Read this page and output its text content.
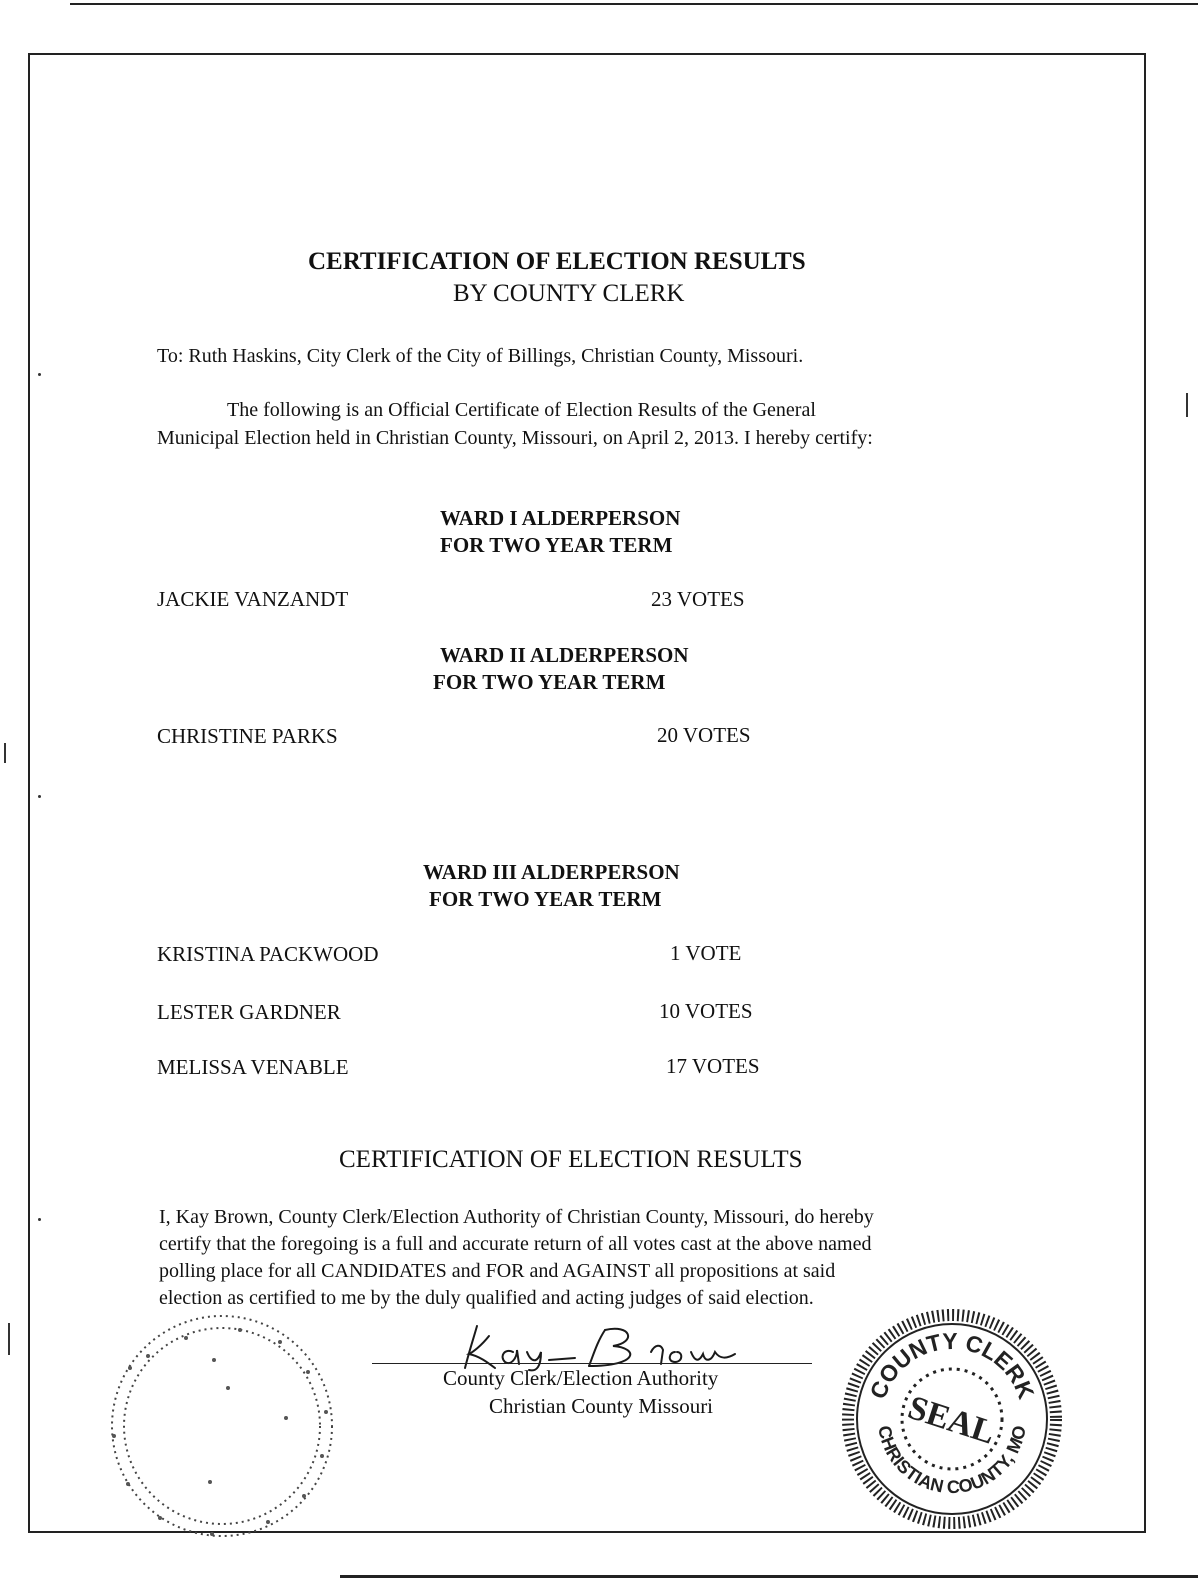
CERTIFICATION OF ELECTION RESULTS
BY COUNTY CLERK
To: Ruth Haskins, City Clerk of the City of Billings, Christian County, Missouri.
The following is an Official Certificate of Election Results of the General
Municipal Election held in Christian County, Missouri, on April 2, 2013. I hereby certify:
WARD I ALDERPERSON
FOR TWO YEAR TERM
JACKIE VANZANDT	23 VOTES
WARD II ALDERPERSON
FOR TWO YEAR TERM
CHRISTINE PARKS	20 VOTES
WARD III ALDERPERSON
FOR TWO YEAR TERM
KRISTINA PACKWOOD	1 VOTE
LESTER GARDNER	10 VOTES
MELISSA VENABLE	17 VOTES
CERTIFICATION OF ELECTION RESULTS
I, Kay Brown, County Clerk/Election Authority of Christian County, Missouri, do hereby
certify that the foregoing is a full and accurate return of all votes cast at the above named
polling place for all CANDIDATES and FOR and AGAINST all propositions at said
election as certified to me by the duly qualified and acting judges of said election.
County Clerk/Election Authority
Christian County Missouri
COUNTY CLERK
CHRISTIAN COUNTY, MO
SEAL
